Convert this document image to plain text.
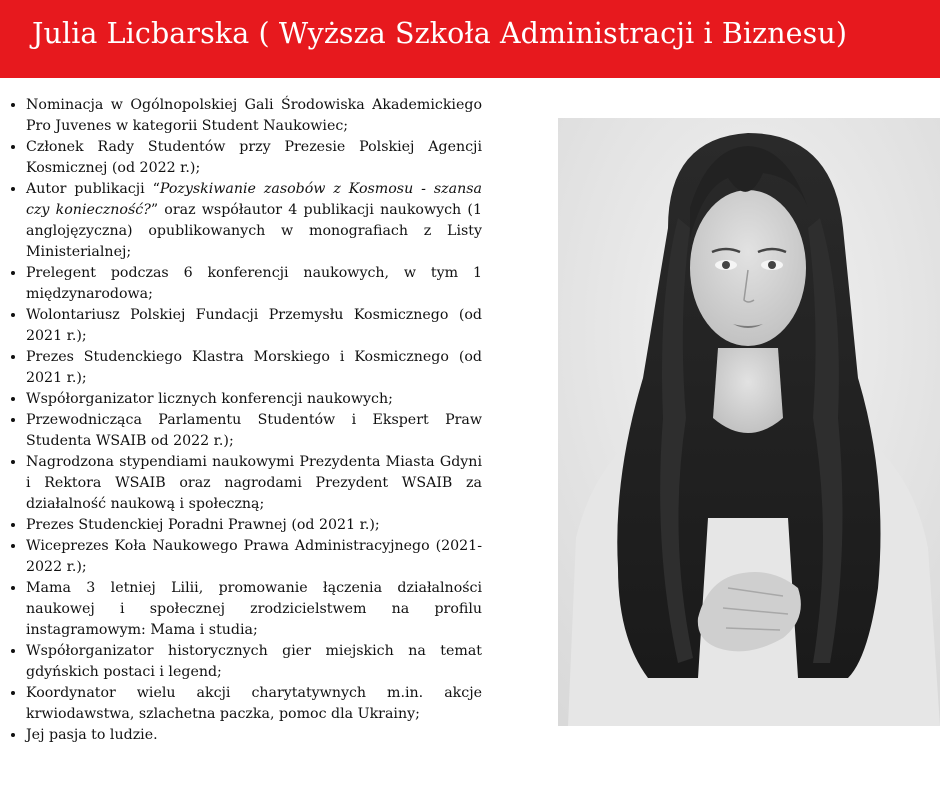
Julia Licbarska ( Wyższa Szkoła Administracji i Biznesu)
• Nominacja w Ogólnopolskiej Gali Środowiska Akademickiego Pro Juvenes w kategorii Student Naukowiec;
• Członek Rady Studentów przy Prezesie Polskiej Agencji Kosmicznej (od 2022 r.);
• Autor publikacji “Pozyskiwanie zasobów z Kosmosu - szansa czy konieczność?” oraz współautor 4 publikacji naukowych (1 anglojęzyczna) opublikowanych w monografiach z Listy Ministerialnej;
• Prelegent podczas 6 konferencji naukowych, w tym 1 międzynarodowa;
• Wolontariusz Polskiej Fundacji Przemysłu Kosmicznego (od 2021 r.);
• Prezes Studenckiego Klastra Morskiego i Kosmicznego (od 2021 r.);
• Współorganizator licznych konferencji naukowych;
• Przewodnicząca Parlamentu Studentów i Ekspert Praw Studenta WSAIB od 2022 r.);
• Nagrodzona stypendiami naukowymi Prezydenta Miasta Gdyni i Rektora WSAIB oraz nagrodami Prezydent WSAIB za działalność naukową i społeczną;
• Prezes Studenckiej Poradni Prawnej (od 2021 r.);
• Wiceprezes Koła Naukowego Prawa Administracyjnego (2021-2022 r.);
• Mama 3 letniej Lilii, promowanie łączenia działalności naukowej i społecznej zrodzicielstwem na profilu instagramowym: Mama i studia;
• Współorganizator historycznych gier miejskich na temat gdyńskich postaci i legend;
• Koordynator wielu akcji charytatywnych m.in. akcje krwiodawstwa, szlachetna paczka, pomoc dla Ukrainy;
• Jej pasja to ludzie.
